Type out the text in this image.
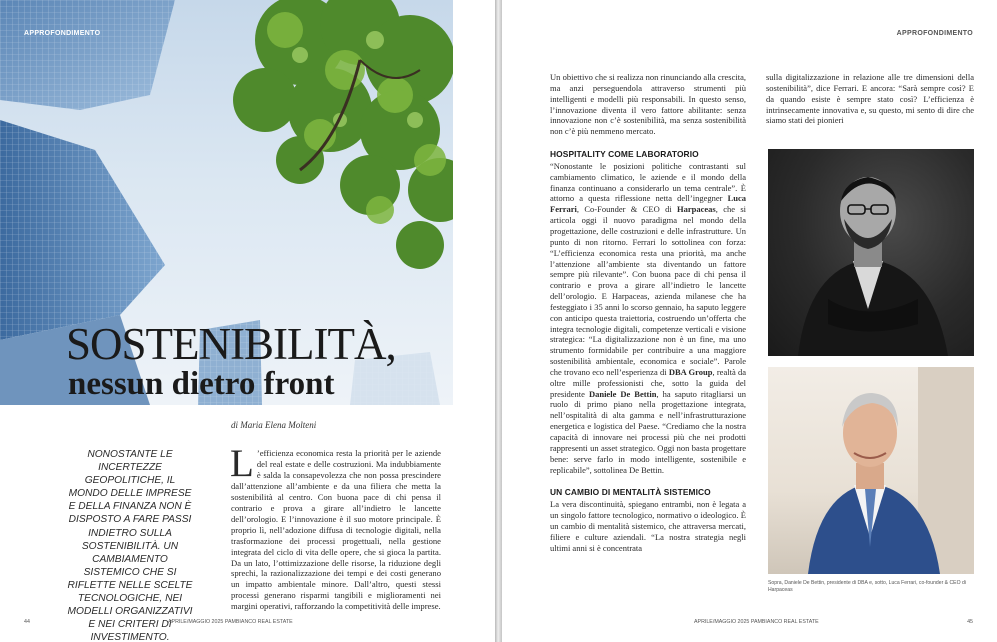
APPROFONDIMENTO
SOSTENIBILITÀ,
nessun dietro front
di Maria Elena Molteni
NONOSTANTE LE INCERTEZZE GEOPOLITICHE, IL MONDO DELLE IMPRESE E DELLA FINANZA NON È DISPOSTO A FARE PASSI INDIETRO SULLA SOSTENIBILITÀ. UN CAMBIAMENTO SISTEMICO CHE SI RIFLETTE NELLE SCELTE TECNOLOGICHE, NEI MODELLI ORGANIZZATIVI E NEI CRITERI DI INVESTIMENTO.
L ’efficienza economica resta la priorità per le aziende del real estate e delle costruzioni. Ma indubbiamente è salda la consapevolezza che non possa prescindere dall’attenzione all’ambiente e da una filiera che metta la sostenibilità al centro. Con buona pace di chi pensa il contrario e prova a girare all’indietro le lancette dell’orologio. E l’innovazione è il suo motore principale. È proprio lì, nell’adozione diffusa di tecnologie digitali, nella trasformazione dei processi progettuali, nella gestione integrata del ciclo di vita delle opere, che si gioca la partita. Da un lato, l’ottimizzazione delle risorse, la riduzione degli sprechi, la razionalizzazione dei tempi e dei costi generano un impatto ambientale minore. Dall’altro, questi stessi processi generano risparmi tangibili e miglioramenti nei margini operativi, rafforzando la competitività delle imprese.
44	APRILE/MAGGIO 2025 PAMBIANCO REAL ESTATE
APPROFONDIMENTO

Un obiettivo che si realizza non rinunciando alla crescita, ma anzi perseguendola attraverso strumenti più intelligenti e modelli più responsabili. In questo senso, l’innovazione diventa il vero fattore abilitante: senza innovazione non c’è sostenibilità, ma senza sostenibilità non c’è più nemmeno mercato.

HOSPITALITY COME LABORATORIO

“Nonostante le posizioni politiche contrastanti sul cambiamento climatico, le aziende e il mondo della finanza continuano a considerarlo un tema centrale”. È attorno a questa riflessione netta dell’ingegner Luca Ferrari, Co-Founder & CEO di Harpaceas, che si articola oggi il nuovo paradigma nel mondo della progettazione, delle costruzioni e delle infrastrutture. Un punto di non ritorno. Ferrari lo sottolinea con forza: “L’efficienza economica resta una priorità, ma anche l’attenzione all’ambiente sta diventando un fattore sempre più rilevante”. Con buona pace di chi pensa il contrario e prova a girare all’indietro le lancette dell’orologio. E Harpaceas, azienda milanese che ha festeggiato i 35 anni lo scorso gennaio, ha saputo leggere con anticipo questa traiettoria, costruendo un’offerta che integra tecnologie digitali, competenze verticali e visione strategica: “La digitalizzazione non è un fine, ma uno strumento formidabile per contribuire a una maggiore sostenibilità ambientale, economica e sociale”. Parole che trovano eco nell’esperienza di DBA Group, realtà da oltre mille professionisti che, sotto la guida del presidente Daniele De Bettin, ha saputo ritagliarsi un ruolo di primo piano nella progettazione integrata, nell’ospitalità di alta gamma e nell’infrastrutturazione energetica e logistica del Paese. “Crediamo che la nostra capacità di innovare nei processi più che nei prodotti rappresenti un asset strategico. Oggi non basta progettare bene: serve farlo in modo intelligente, sostenibile e replicabile”, sottolinea De Bettin.

UN CAMBIO DI MENTALITÀ SISTEMICO

La vera discontinuità, spiegano entrambi, non è legata a un singolo fattore tecnologico, normativo o ideologico. È un cambio di mentalità sistemico, che attraversa mercati, filiere e culture aziendali. “La nostra strategia negli ultimi anni si è concentrata

sulla digitalizzazione in relazione alle tre dimensioni della sostenibilità”, dice Ferrari. E ancora: “Sarà sempre così? E da quando esiste è sempre stato così? L’efficienza è intrinsecamente innovativa e, su questo, mi sento di dire che siamo stati dei pionieri

Sopra, Daniele De Bettin, presidente di DBA e, sotto, Luca Ferrari, co-founder & CEO di Harpaceas
APRILE/MAGGIO 2025 PAMBIANCO REAL ESTATE	45
